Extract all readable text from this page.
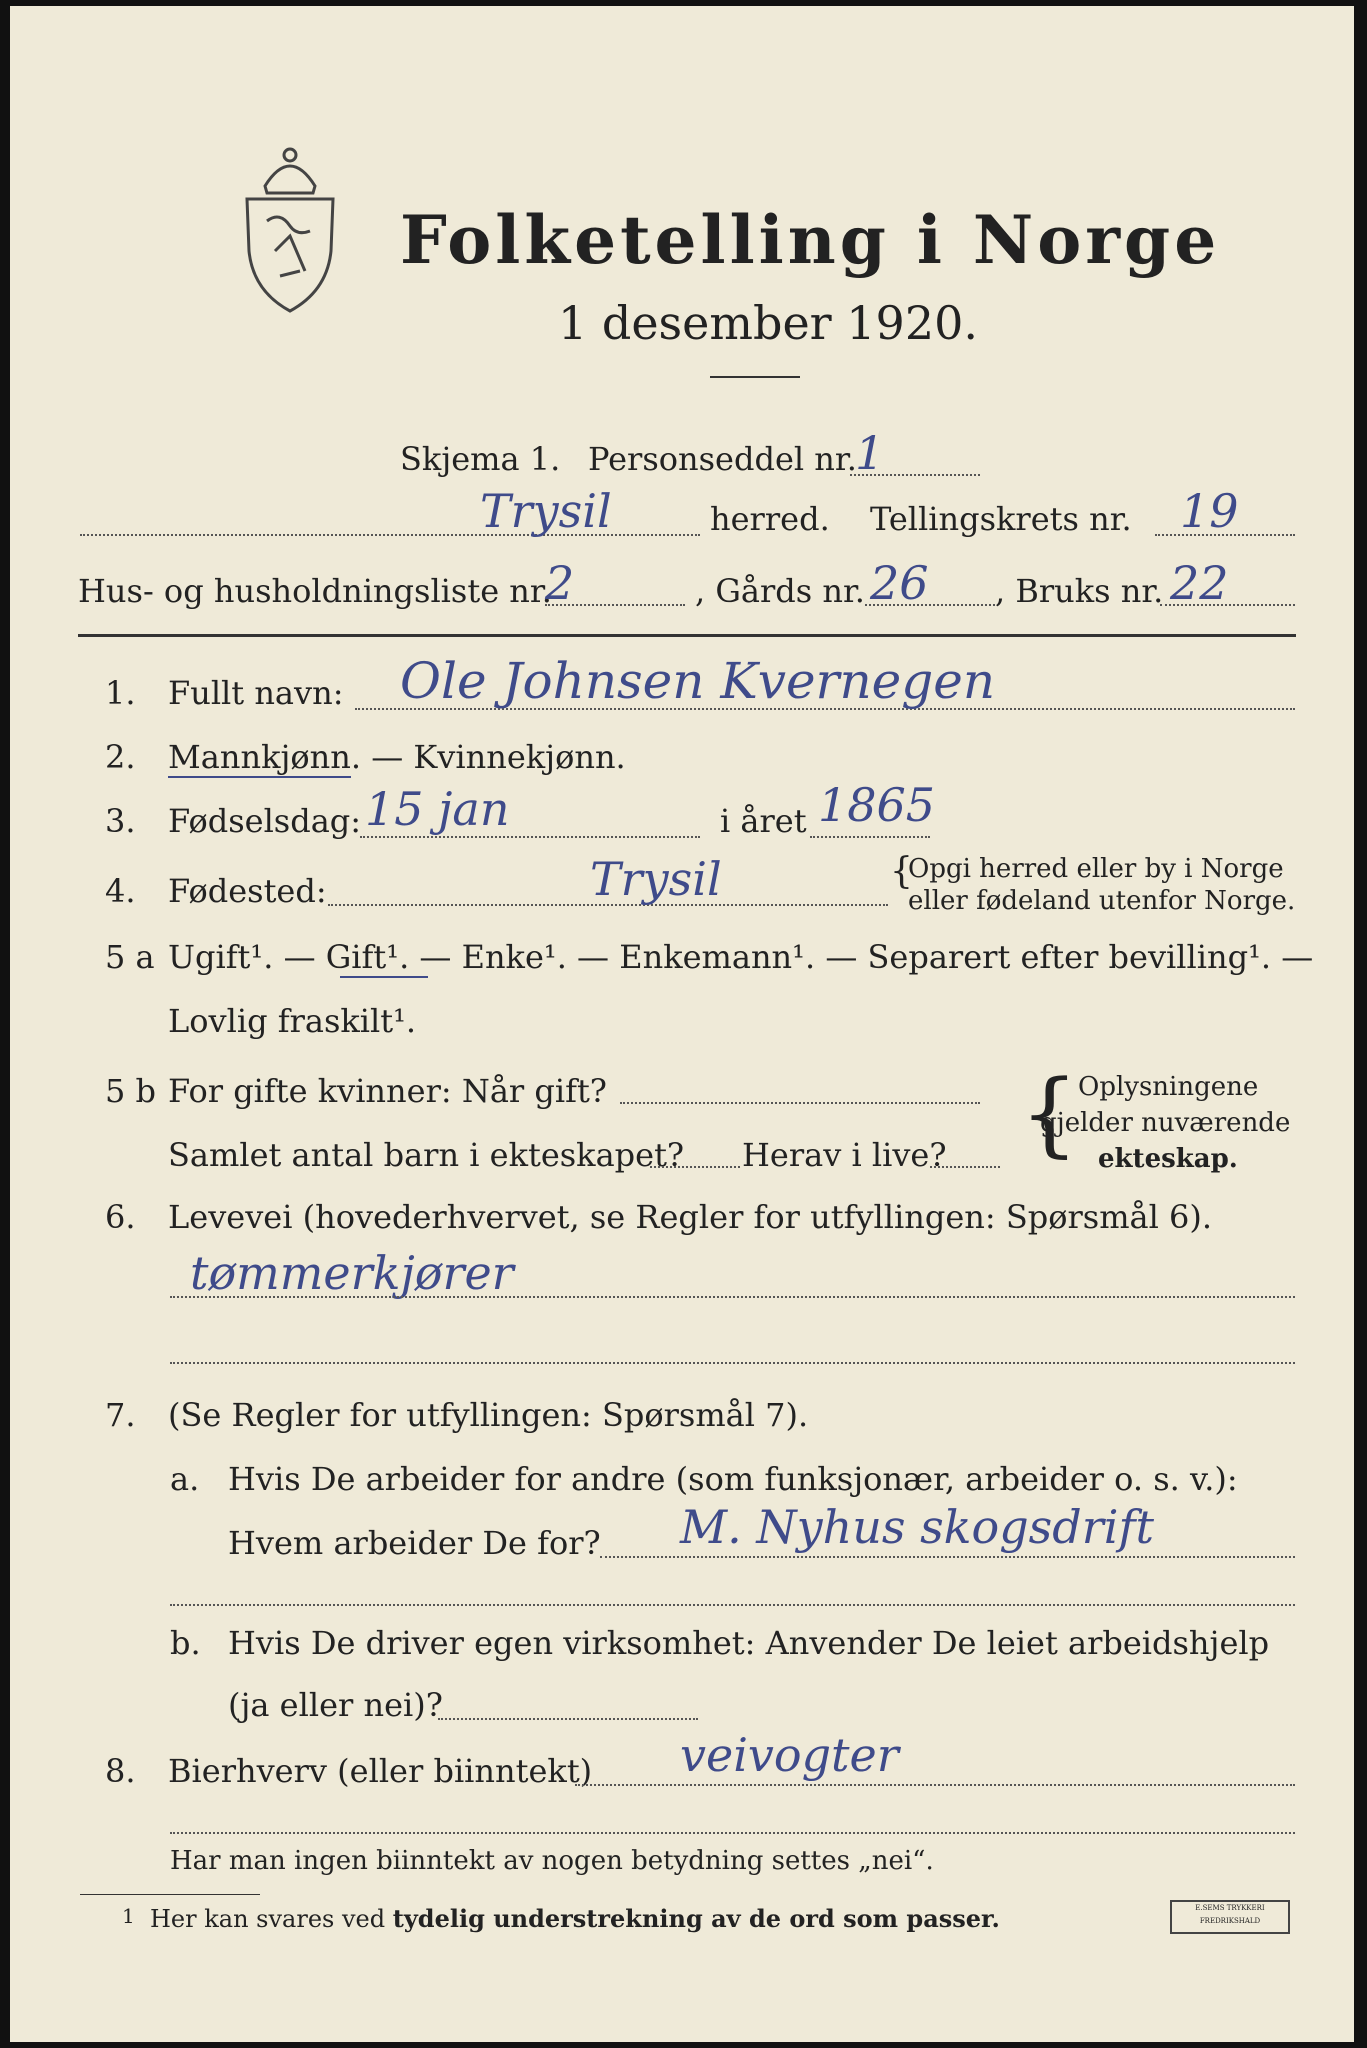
Folketelling i Norge
1 desember 1920.
Skjema 1. Personseddel nr.
1
Trysil	herred. Tellingskrets nr. 19
Hus- og husholdningsliste nr.
2	, Gårds nr. 26 , Bruks nr. 22
1. Fullt navn: Ole Johnsen Kvernegen
2. Mannkjønn. — Kvinnekjønn.
3. Fødselsdag: 15 jan	i året 1865
4. Fødested:	Trysil	{
Opgi herred eller by i Norge
eller fødeland utenfor Norge.
5 a Ugift¹. — Gift¹. — Enke¹. — Enkemann¹. — Separert efter bevilling¹. —
Lovlig fraskilt¹.
5 b For gifte kvinner: Når gift?
Samlet antal barn i ekteskapet? Herav i live? { Oplysningene
gjelder nuværende
ekteskap.
6. Levevei (hovederhvervet, se Regler for utfyllingen: Spørsmål 6).
tømmerkjører
7. (Se Regler for utfyllingen: Spørsmål 7).
a. Hvis De arbeider for andre (som funksjonær, arbeider o. s. v.):
Hvem arbeider De for? M. Nyhus skogsdrift
b. Hvis De driver egen virksomhet: Anvender De leiet arbeidshjelp
(ja eller nei)?
8. Bierhverv (eller biinntekt) veivogter
Har man ingen biinntekt av nogen betydning settes „nei“.
1 Her kan svares ved tydelig understrekning av de ord som passer.	E.SEMS TRYKKERI FREDRIKSHALD
